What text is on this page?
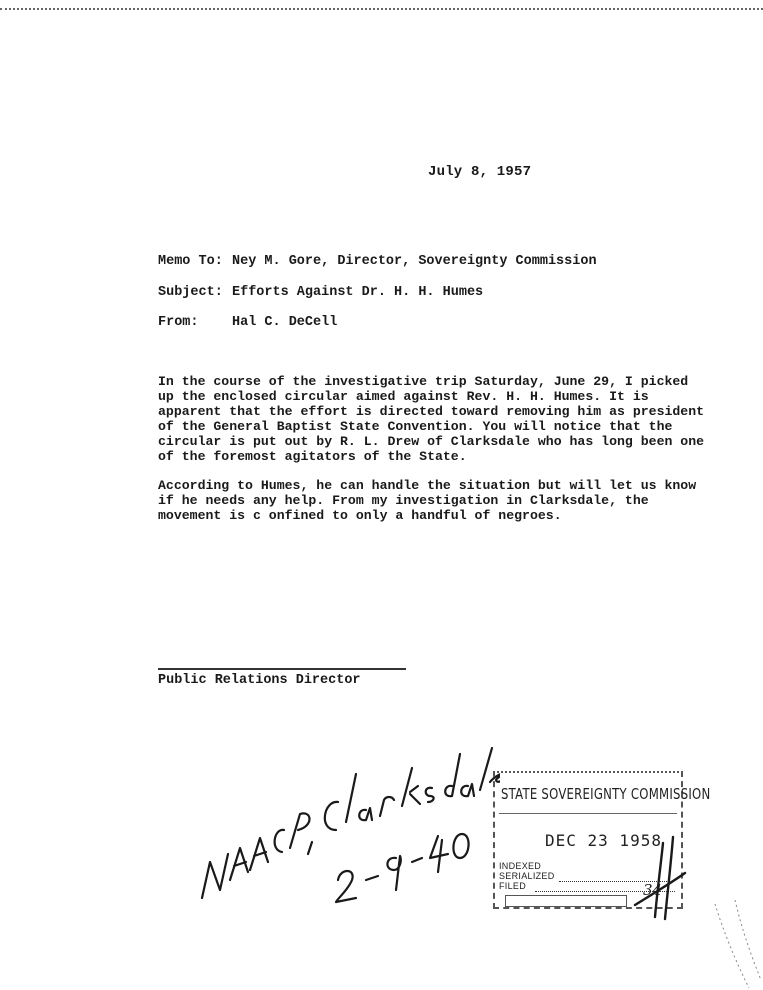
July 8, 1957
Memo To: Ney M. Gore, Director, Sovereignty Commission
Subject: Efforts Against Dr. H. H. Humes
From: Hal C. DeCell
In the course of the investigative trip Saturday, June 29, I picked
up the enclosed circular aimed against Rev. H. H. Humes. It is
apparent that the effort is directed toward removing him as president
of the General Baptist State Convention. You will notice that the
circular is put out by R. L. Drew of Clarksdale who has long been one
of the foremost agitators of the State.
According to Humes, he can handle the situation but will let us know
if he needs any help. From my investigation in Clarksdale, the
movement is c onfined to only a handful of negroes.
Public Relations Director
STATE SOVEREIGNTY COMMISSION
DEC 23 1958
INDEXED
SERIALIZED
FILED	34
